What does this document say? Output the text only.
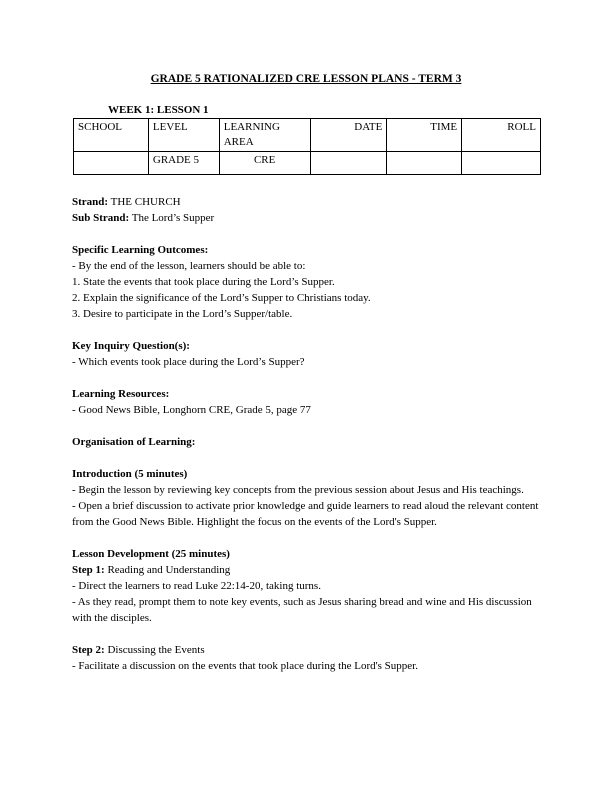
GRADE 5 RATIONALIZED CRE LESSON PLANS - TERM 3
WEEK 1: LESSON 1
SCHOOL	LEVEL	LEARNING AREA	DATE	TIME	ROLL
	GRADE 5	CRE			

Strand: THE CHURCH

Sub Strand: The Lord’s Supper

Specific Learning Outcomes:

- By the end of the lesson, learners should be able to:

1. State the events that took place during the Lord’s Supper.

2. Explain the significance of the Lord’s Supper to Christians today.

3. Desire to participate in the Lord’s Supper/table.

Key Inquiry Question(s):

- Which events took place during the Lord’s Supper?

Learning Resources:

- Good News Bible, Longhorn CRE, Grade 5, page 77

Organisation of Learning:

Introduction (5 minutes)

- Begin the lesson by reviewing key concepts from the previous session about Jesus and His teachings.

- Open a brief discussion to activate prior knowledge and guide learners to read aloud the relevant content from the Good News Bible. Highlight the focus on the events of the Lord's Supper.

Lesson Development (25 minutes)

Step 1: Reading and Understanding

- Direct the learners to read Luke 22:14-20, taking turns.

- As they read, prompt them to note key events, such as Jesus sharing bread and wine and His discussion with the disciples.

Step 2: Discussing the Events

- Facilitate a discussion on the events that took place during the Lord's Supper.
